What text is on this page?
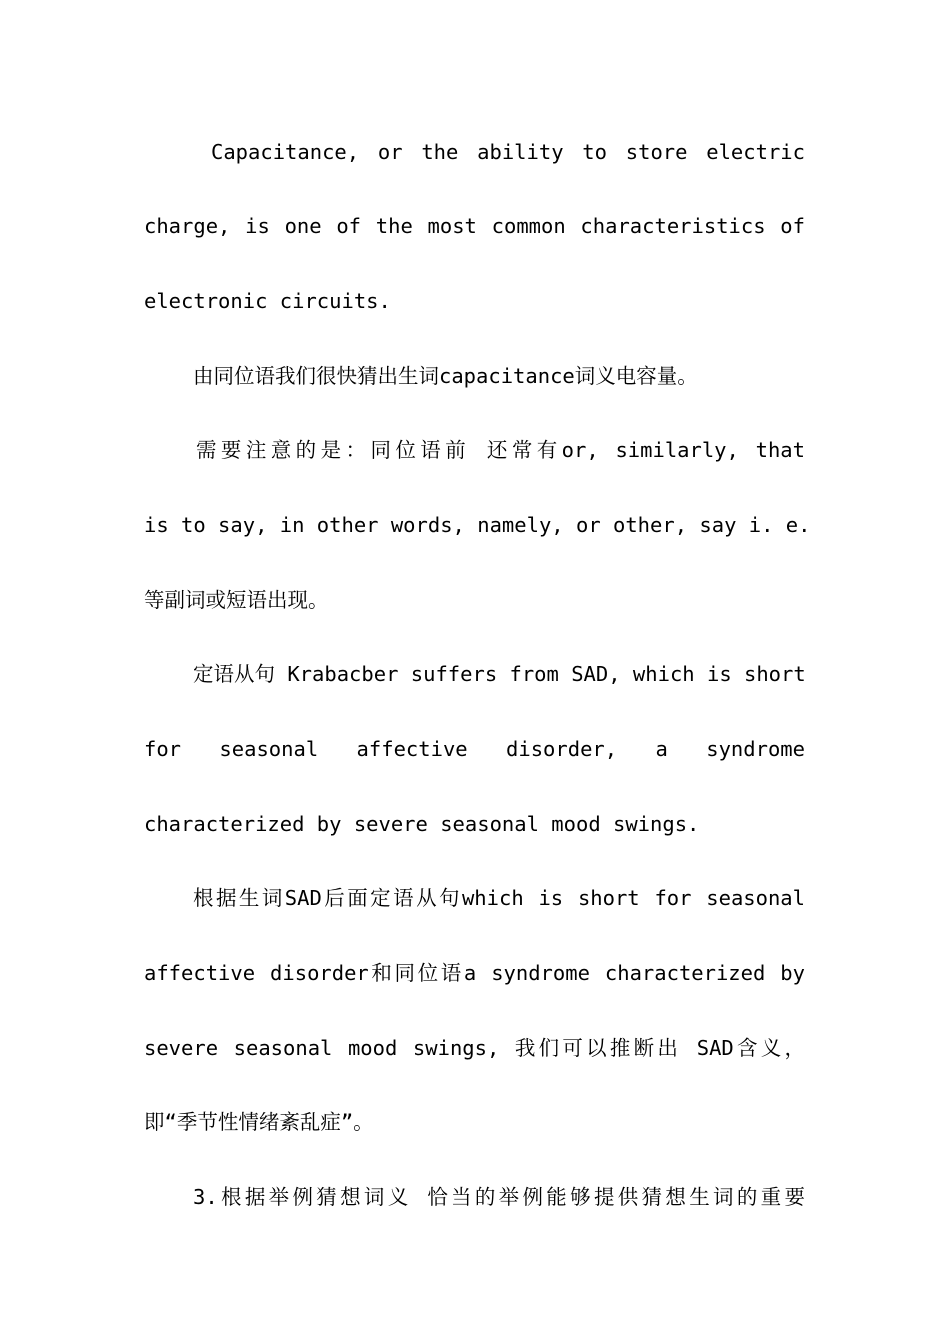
Capacitance, or the ability to store electric
charge, is one of the most common characteristics of
electronic circuits.
由同位语我们很快猜出生词capacitance词义电容量。
需要注意的是：同位语前 还常有or, similarly, that
is to say, in other words, namely, or other, say i. e.
等副词或短语出现。
定语从句 Krabacber suffers from SAD, which is short
for seasonal affective disorder, a syndrome
characterized by severe seasonal mood swings.
根据生词SAD后面定语从句which is short for seasonal
affective disorder和同位语a syndrome characterized by
severe seasonal mood swings, 我们可以推断出 SAD含义，
即“季节性情绪紊乱症”。
3.根据举例猜想词义 恰当的举例能够提供猜想生词的重要
